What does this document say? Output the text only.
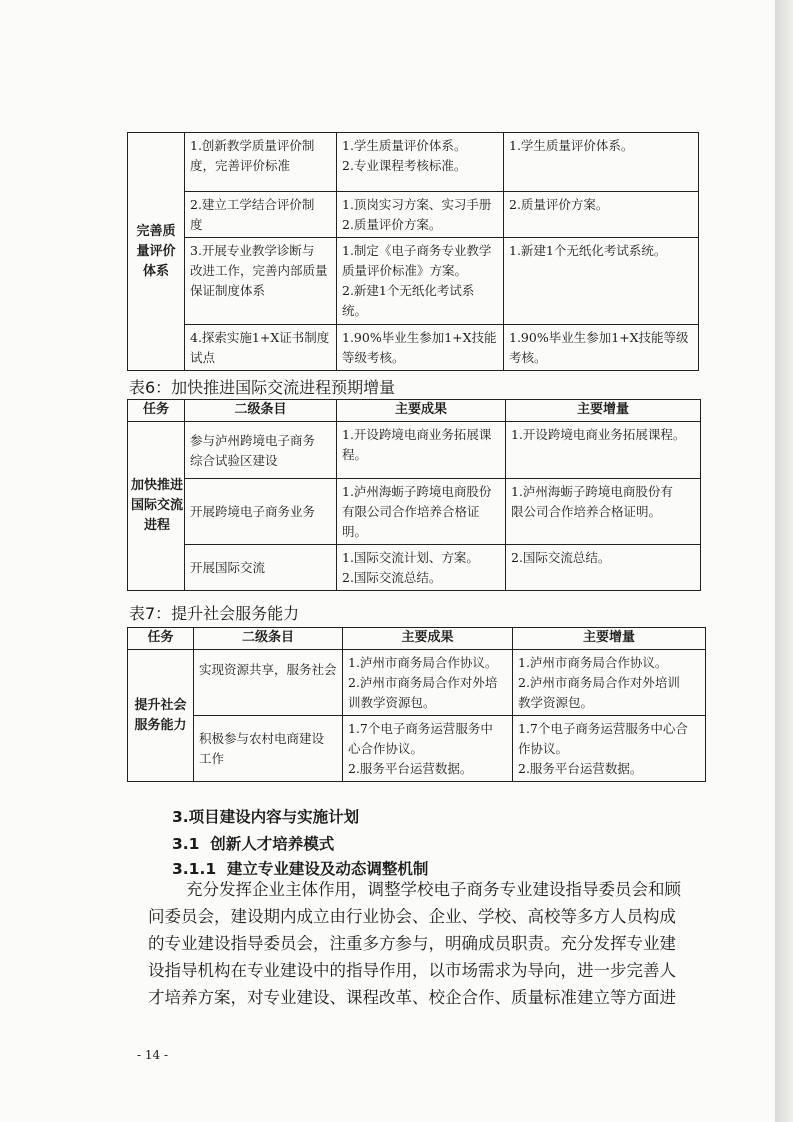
完善质量评价体系	1.创新教学质量评价制
度，完善评价标准	1.学生质量评价体系。
2.专业课程考核标准。	1.学生质量评价体系。

	2.建立工学结合评价制
度	1.顶岗实习方案、实习手册
2.质量评价方案。	2.质量评价方案。

	3.开展专业教学诊断与
改进工作，完善内部质量
保证制度体系	1.制定《电子商务专业教学
质量评价标准》方案。
2.新建1个无纸化考试系
统。	1.新建1个无纸化考试系统。

	4.探索实施1+X证书制度
试点	1.90%毕业生参加1+X技能
等级考核。	1.90%毕业生参加1+X技能等级
考核。
表6：加快推进国际交流进程预期增量
任务	二级条目	主要成果	主要增量

加快推进国际交流进程	参与泸州跨境电子商务
综合试验区建设	1.开设跨境电商业务拓展课
程。	1.开设跨境电商业务拓展课程。

	开展跨境电子商务业务	1.泸州海蛎子跨境电商股份
有限公司合作培养合格证
明。	1.泸州海蛎子跨境电商股份有
限公司合作培养合格证明。

	开展国际交流	1.国际交流计划、方案。
2.国际交流总结。	2.国际交流总结。
表7：提升社会服务能力
任务	二级条目	主要成果	主要增量

提升社会服务能力	实现资源共享，服务社会	1.泸州市商务局合作协议。
2.泸州市商务局合作对外培
训教学资源包。	1.泸州市商务局合作协议。
2.泸州市商务局合作对外培训
教学资源包。

	积极参与农村电商建设
工作	1.7个电子商务运营服务中
心合作协议。
2.服务平台运营数据。	1.7个电子商务运营服务中心合
作协议。
2.服务平台运营数据。
3.项目建设内容与实施计划
3.1  创新人才培养模式
3.1.1  建立专业建设及动态调整机制
充分发挥企业主体作用，调整学校电子商务专业建设指导委员会和顾
问委员会，建设期内成立由行业协会、企业、学校、高校等多方人员构成
的专业建设指导委员会，注重多方参与，明确成员职责。充分发挥专业建
设指导机构在专业建设中的指导作用，以市场需求为导向，进一步完善人
才培养方案，对专业建设、课程改革、校企合作、质量标准建立等方面进
- 14 -
